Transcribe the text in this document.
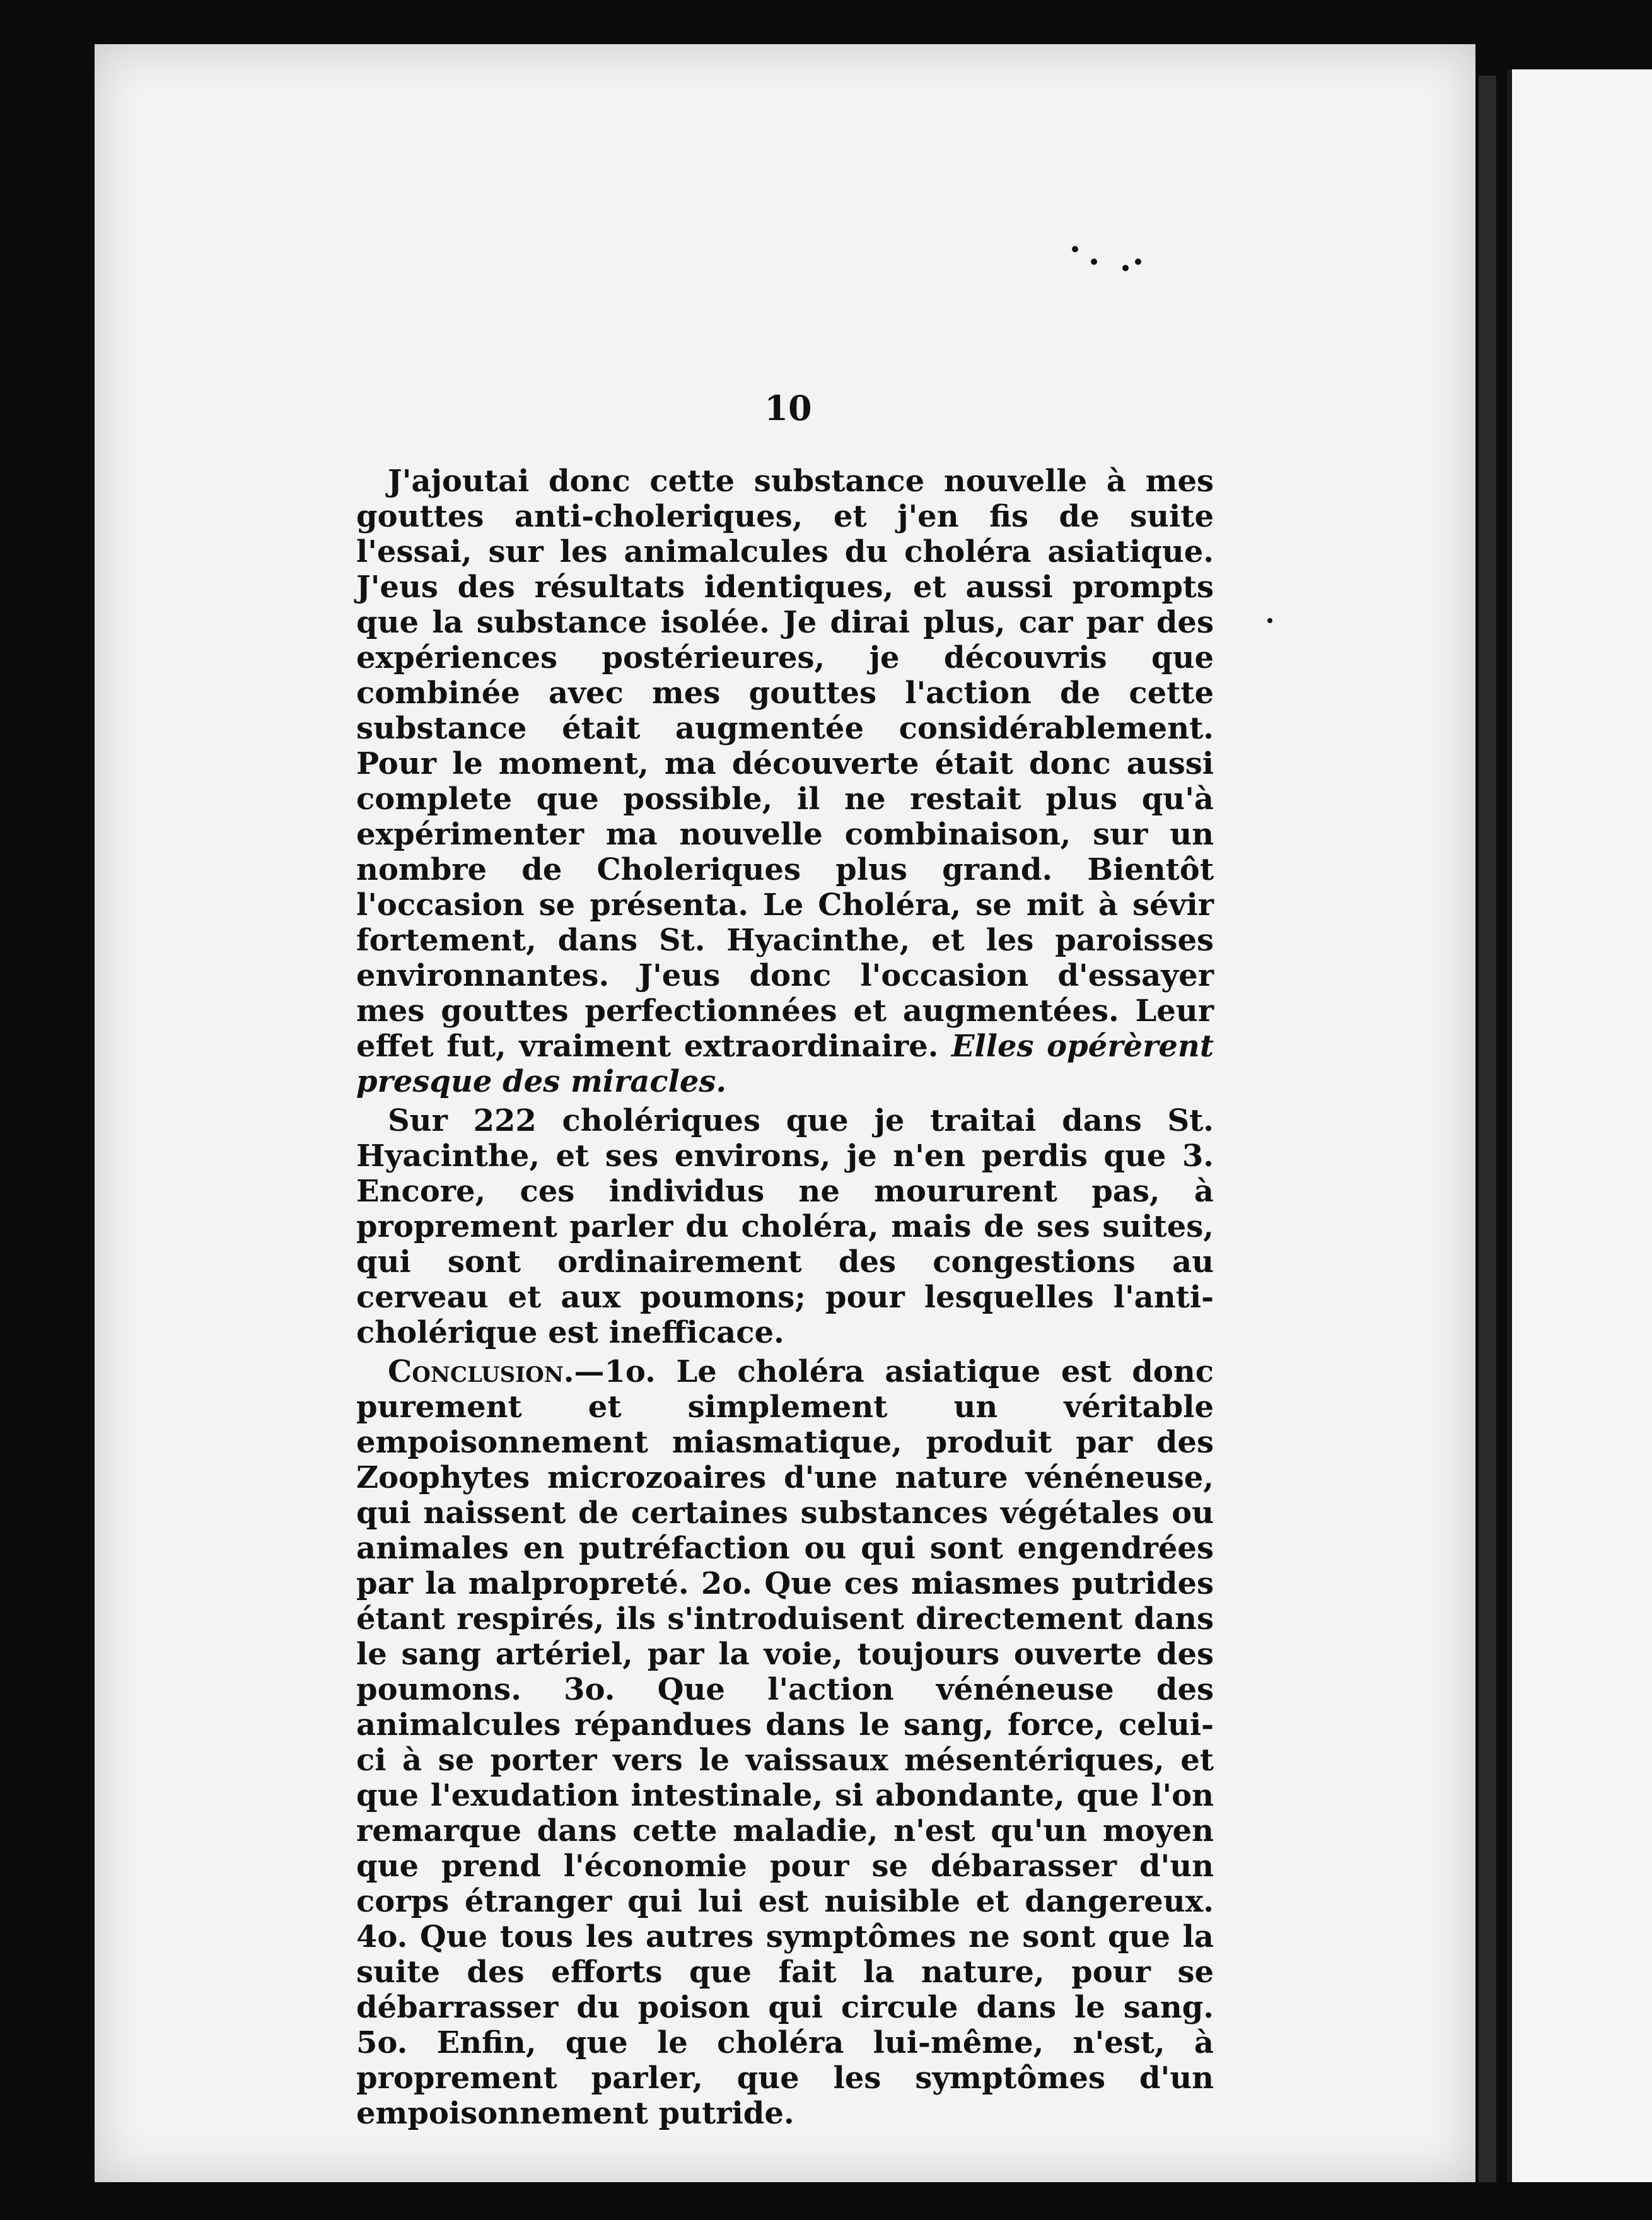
10

J'ajoutai donc cette substance nouvelle à mes gouttes anti-choleriques, et j'en fis de suite l'essai, sur les animalcules du choléra asiatique. J'eus des résultats identiques, et aussi prompts que la substance isolée. Je dirai plus, car par des expériences postérieures, je découvris que combinée avec mes gouttes l'action de cette substance était augmentée considérablement. Pour le moment, ma découverte était donc aussi complete que possible, il ne restait plus qu'à expérimenter ma nouvelle combinaison, sur un nombre de Choleriques plus grand. Bientôt l'occasion se présenta. Le Choléra, se mit à sévir fortement, dans St. Hyacinthe, et les paroisses environnantes. J'eus donc l'occasion d'essayer mes gouttes perfectionnées et augmentées. Leur effet fut, vraiment extraordinaire. Elles opérèrent presque des miracles.

Sur 222 cholériques que je traitai dans St. Hyacinthe, et ses environs, je n'en perdis que 3. Encore, ces individus ne moururent pas, à proprement parler du choléra, mais de ses suites, qui sont ordinairement des congestions au cerveau et aux poumons; pour lesquelles l'anti-cholérique est inefficace.

Conclusion.—1o. Le choléra asiatique est donc purement et simplement un véritable empoisonnement miasmatique, produit par des Zoophytes microzoaires d'une nature vénéneuse, qui naissent de certaines substances végétales ou animales en putréfaction ou qui sont engendrées par la malpropreté. 2o. Que ces miasmes putrides étant respirés, ils s'introduisent directement dans le sang artériel, par la voie, toujours ouverte des poumons. 3o. Que l'action vénéneuse des animalcules répandues dans le sang, force, celui-ci à se porter vers le vaissaux mésentériques, et que l'exudation intestinale, si abondante, que l'on remarque dans cette maladie, n'est qu'un moyen que prend l'économie pour se débarasser d'un corps étranger qui lui est nuisible et dangereux. 4o. Que tous les autres symptômes ne sont que la suite des efforts que fait la nature, pour se débarrasser du poison qui circule dans le sang. 5o. Enfin, que le choléra lui-même, n'est, à proprement parler, que les symptômes d'un empoisonnement putride.
